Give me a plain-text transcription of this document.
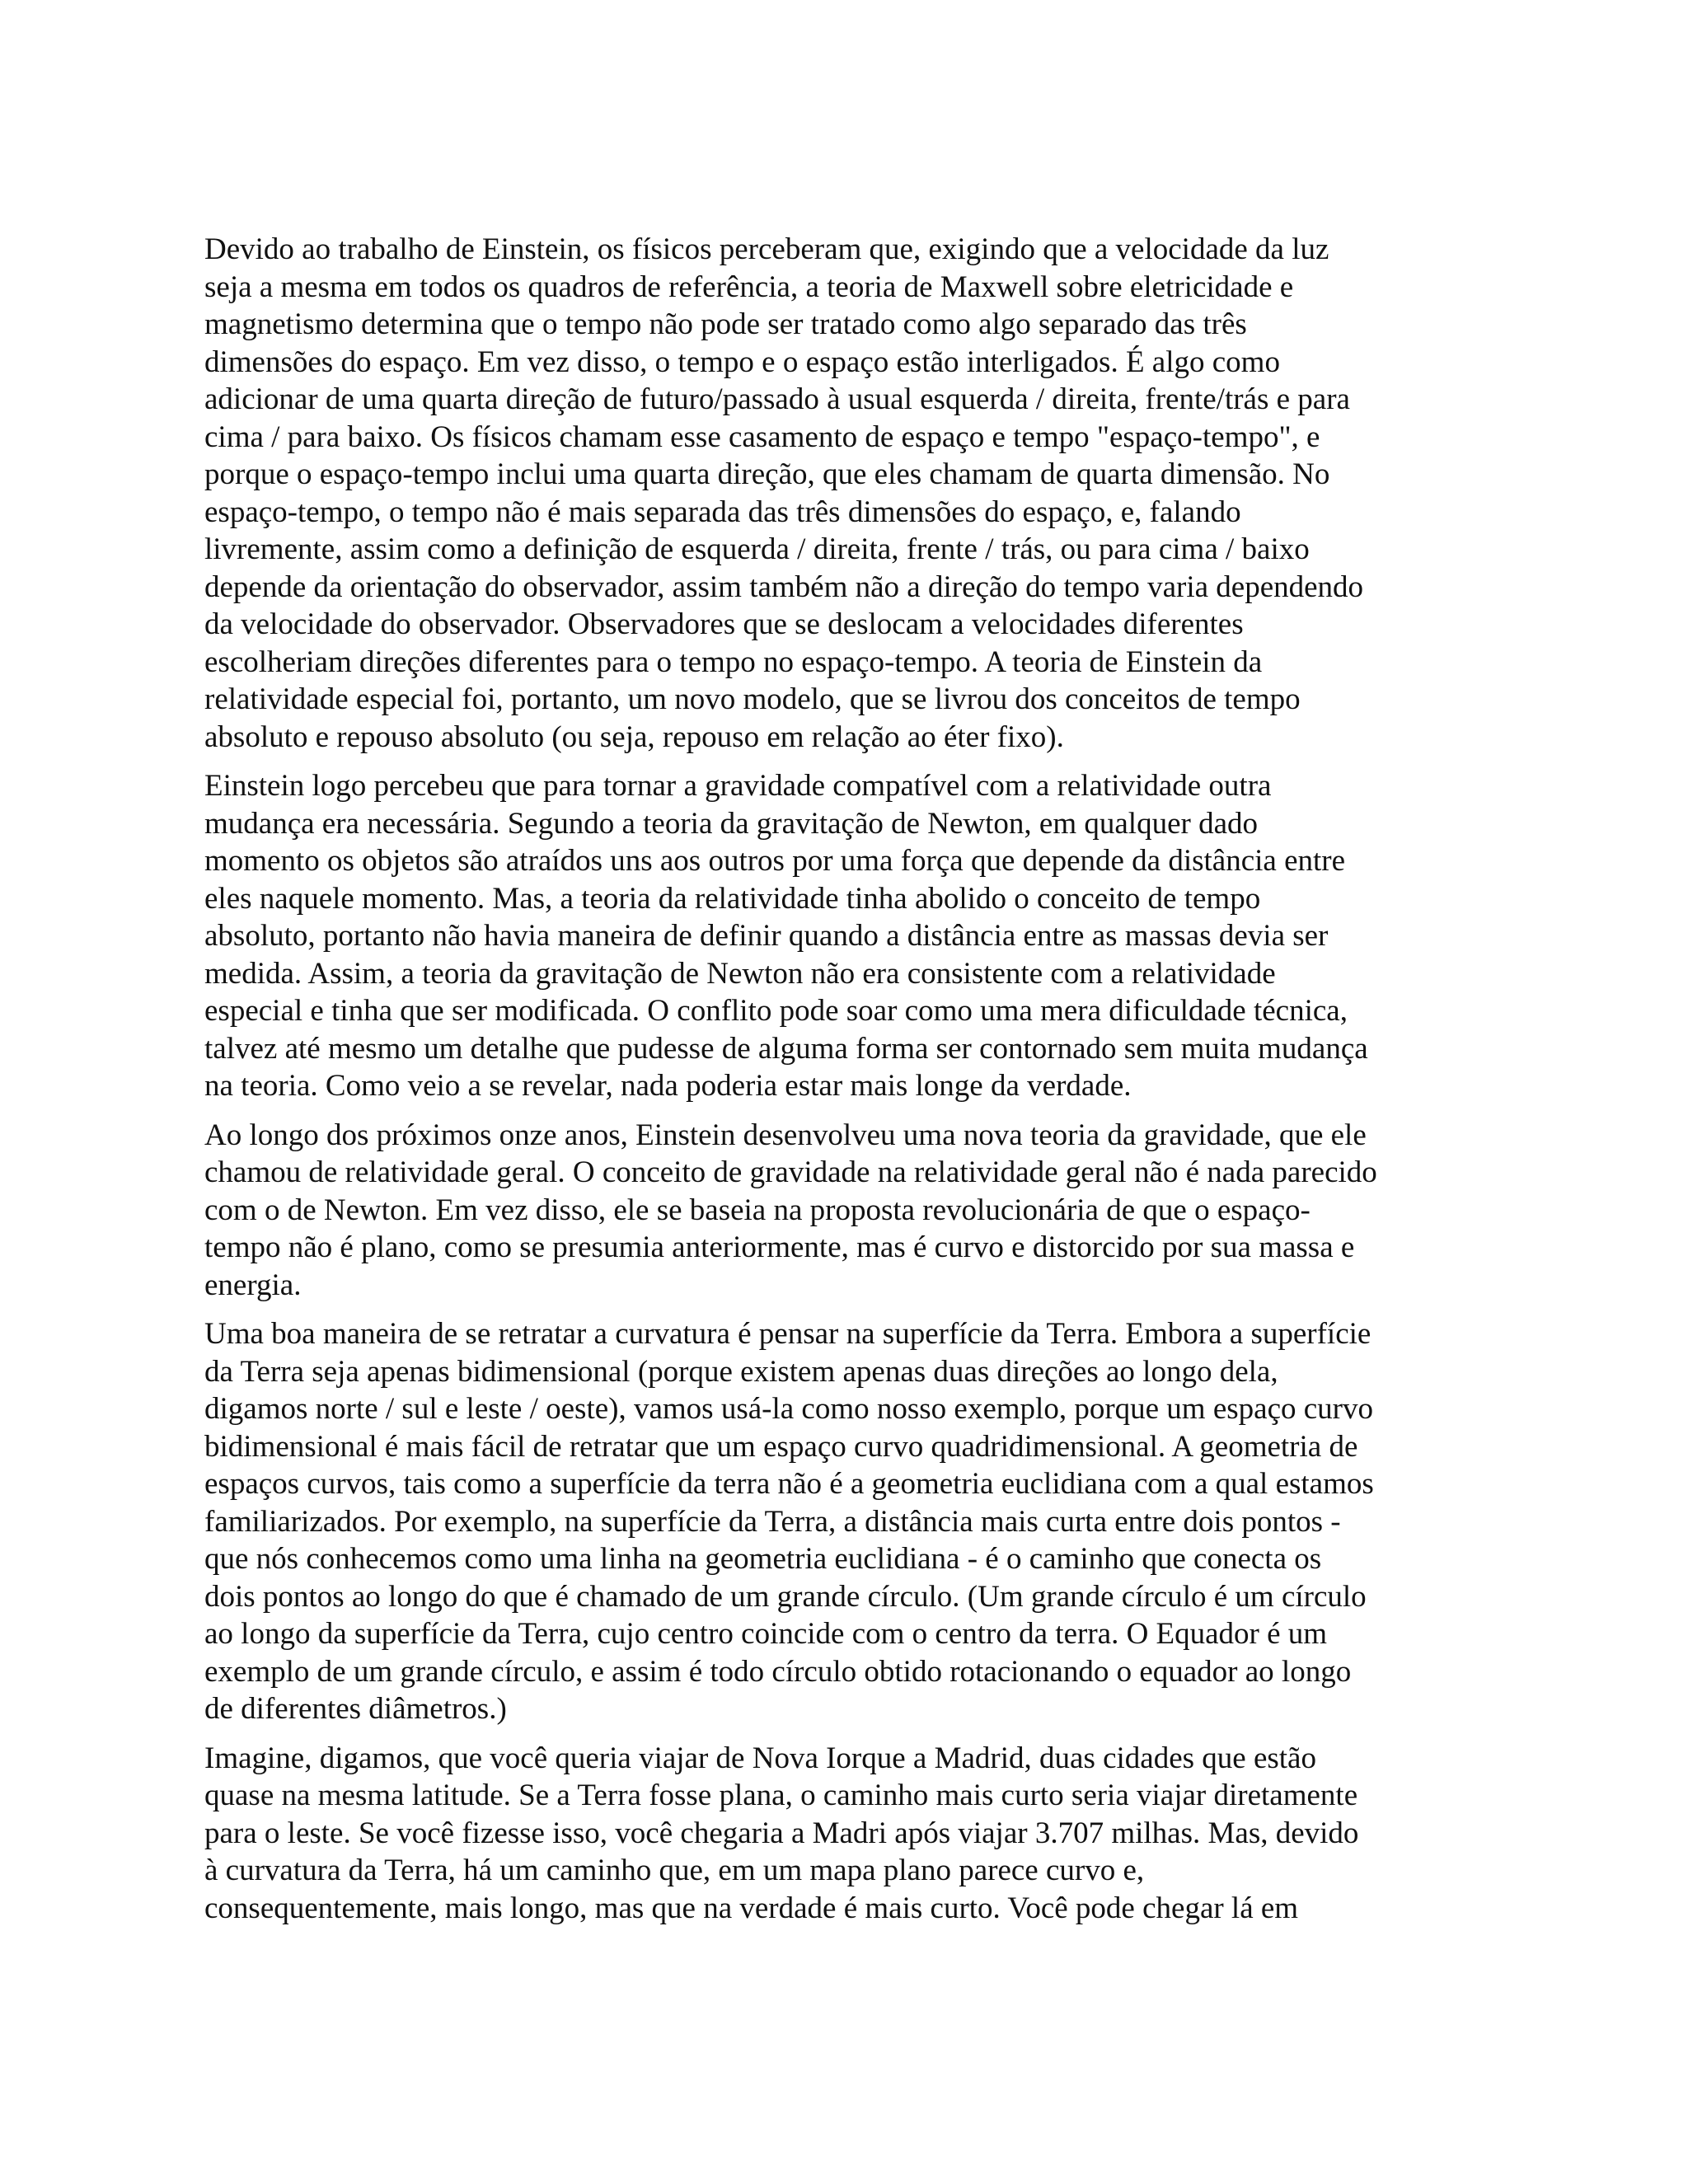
Devido ao trabalho de Einstein, os físicos perceberam que, exigindo que a velocidade da luz
seja a mesma em todos os quadros de referência, a teoria de Maxwell sobre eletricidade e
magnetismo determina que o tempo não pode ser tratado como algo separado das três
dimensões do espaço. Em vez disso, o tempo e o espaço estão interligados. É algo como
adicionar de uma quarta direção de futuro/passado à usual esquerda / direita, frente/trás e para
cima / para baixo. Os físicos chamam esse casamento de espaço e tempo "espaço-tempo", e
porque o espaço-tempo inclui uma quarta direção, que eles chamam de quarta dimensão. No
espaço-tempo, o tempo não é mais separada das três dimensões do espaço, e, falando
livremente, assim como a definição de esquerda / direita, frente / trás, ou para cima / baixo
depende da orientação do observador, assim também não a direção do tempo varia dependendo
da velocidade do observador. Observadores que se deslocam a velocidades diferentes
escolheriam direções diferentes para o tempo no espaço-tempo. A teoria de Einstein da
relatividade especial foi, portanto, um novo modelo, que se livrou dos conceitos de tempo
absoluto e repouso absoluto (ou seja, repouso em relação ao éter fixo).

Einstein logo percebeu que para tornar a gravidade compatível com a relatividade outra
mudança era necessária. Segundo a teoria da gravitação de Newton, em qualquer dado
momento os objetos são atraídos uns aos outros por uma força que depende da distância entre
eles naquele momento. Mas, a teoria da relatividade tinha abolido o conceito de tempo
absoluto, portanto não havia maneira de definir quando a distância entre as massas devia ser
medida. Assim, a teoria da gravitação de Newton não era consistente com a relatividade
especial e tinha que ser modificada. O conflito pode soar como uma mera dificuldade técnica,
talvez até mesmo um detalhe que pudesse de alguma forma ser contornado sem muita mudança
na teoria. Como veio a se revelar, nada poderia estar mais longe da verdade.

Ao longo dos próximos onze anos, Einstein desenvolveu uma nova teoria da gravidade, que ele
chamou de relatividade geral. O conceito de gravidade na relatividade geral não é nada parecido
com o de Newton. Em vez disso, ele se baseia na proposta revolucionária de que o espaço-
tempo não é plano, como se presumia anteriormente, mas é curvo e distorcido por sua massa e
energia.

Uma boa maneira de se retratar a curvatura é pensar na superfície da Terra. Embora a superfície
da Terra seja apenas bidimensional (porque existem apenas duas direções ao longo dela,
digamos norte / sul e leste / oeste), vamos usá-la como nosso exemplo, porque um espaço curvo
bidimensional é mais fácil de retratar que um espaço curvo quadridimensional. A geometria de
espaços curvos, tais como a superfície da terra não é a geometria euclidiana com a qual estamos
familiarizados. Por exemplo, na superfície da Terra, a distância mais curta entre dois pontos -
que nós conhecemos como uma linha na geometria euclidiana - é o caminho que conecta os
dois pontos ao longo do que é chamado de um grande círculo. (Um grande círculo é um círculo
ao longo da superfície da Terra, cujo centro coincide com o centro da terra. O Equador é um
exemplo de um grande círculo, e assim é todo círculo obtido rotacionando o equador ao longo
de diferentes diâmetros.)

Imagine, digamos, que você queria viajar de Nova Iorque a Madrid, duas cidades que estão
quase na mesma latitude. Se a Terra fosse plana, o caminho mais curto seria viajar diretamente
para o leste. Se você fizesse isso, você chegaria a Madri após viajar 3.707 milhas. Mas, devido
à curvatura da Terra, há um caminho que, em um mapa plano parece curvo e,
consequentemente, mais longo, mas que na verdade é mais curto. Você pode chegar lá em
